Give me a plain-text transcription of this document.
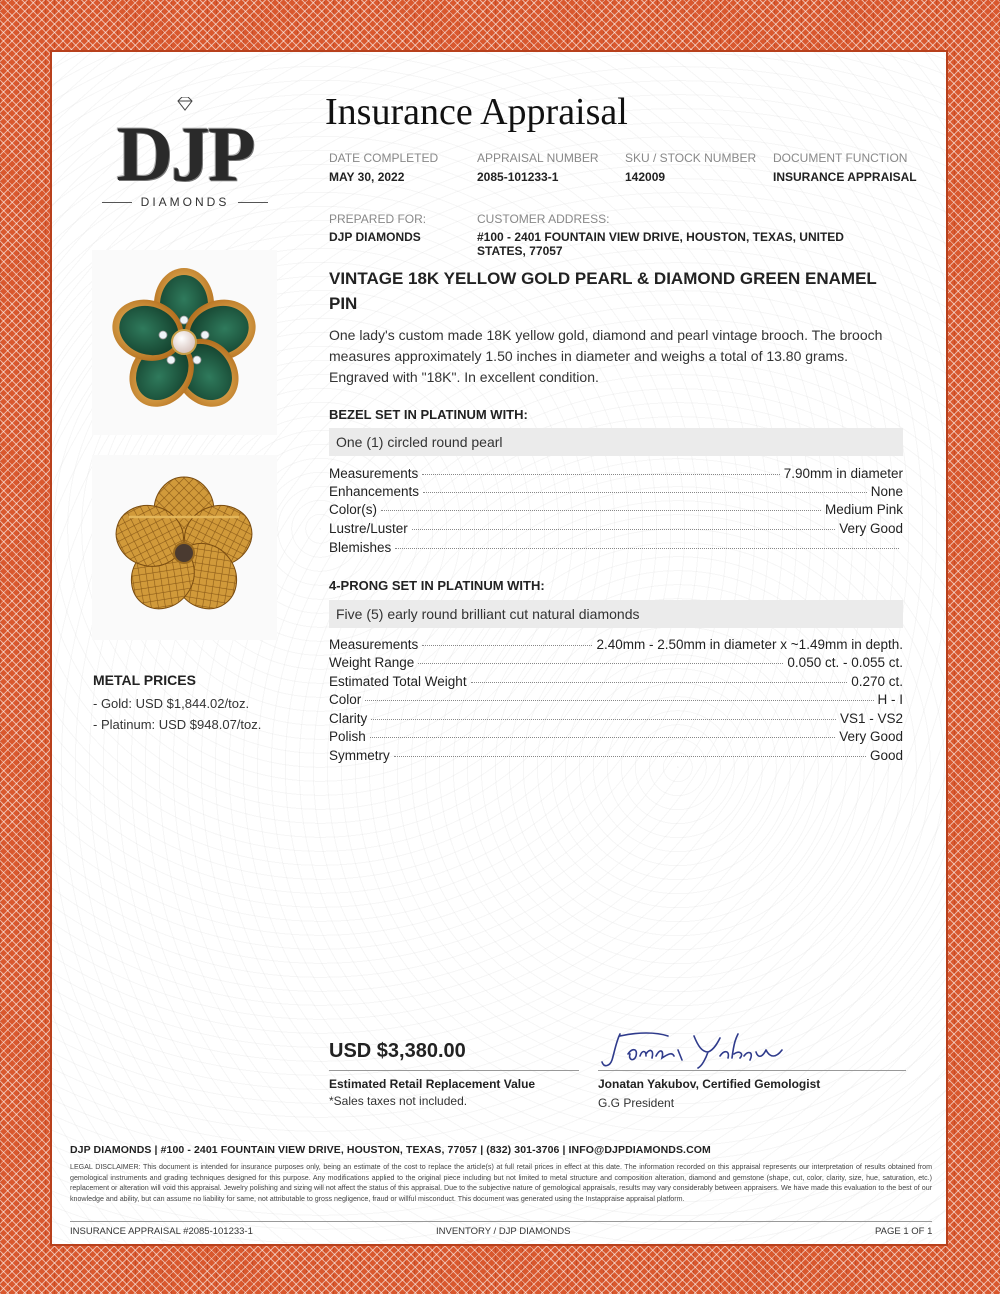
DJP
DIAMONDS
Insurance Appraisal
DATE COMPLETED
MAY 30, 2022
APPRAISAL NUMBER
2085-101233-1
SKU / STOCK NUMBER
142009
DOCUMENT FUNCTION
INSURANCE APPRAISAL
PREPARED FOR:
DJP DIAMONDS
CUSTOMER ADDRESS:
#100 - 2401 FOUNTAIN VIEW DRIVE, HOUSTON, TEXAS, UNITED
STATES, 77057
VINTAGE 18K YELLOW GOLD PEARL & DIAMOND GREEN ENAMEL
PIN
One lady's custom made 18K yellow gold, diamond and pearl vintage brooch. The brooch measures approximately 1.50 inches in diameter and weighs a total of 13.80 grams. Engraved with "18K". In excellent condition.
BEZEL SET IN PLATINUM WITH:
One (1) circled round pearl
Measurements	7.90mm in diameter
Enhancements	None
Color(s)	Medium Pink
Lustre/Luster	Very Good
Blemishes
4-PRONG SET IN PLATINUM WITH:
Five (5) early round brilliant cut natural diamonds
Measurements	2.40mm - 2.50mm in diameter x ~1.49mm in depth.
Weight Range	0.050 ct. - 0.055 ct.
Estimated Total Weight	0.270 ct.
Color	H - I
Clarity	VS1 - VS2
Polish	Very Good
Symmetry	Good
METAL PRICES
- Gold: USD $1,844.02/toz.
- Platinum: USD $948.07/toz.
USD $3,380.00
Estimated Retail Replacement Value
*Sales taxes not included.
Jonatan Yakubov, Certified Gemologist
G.G President
DJP DIAMONDS | #100 - 2401 FOUNTAIN VIEW DRIVE, HOUSTON, TEXAS, 77057 | (832) 301-3706 | INFO@DJPDIAMONDS.COM
LEGAL DISCLAIMER: This document is intended for insurance purposes only, being an estimate of the cost to replace the article(s) at full retail prices in effect at this date. The information recorded on this appraisal represents our interpretation of results obtained from gemological instruments and grading techniques designed for this purpose. Any modifications applied to the original piece including but not limited to metal structure and composition alteration, diamond and gemstone (shape, cut, color, clarity, size, hue, saturation, etc.) replacement or alteration will void this appraisal. Jewelry polishing and sizing will not affect the status of this appraisal. Due to the subjective nature of gemological appraisals, results may vary considerably between appraisers. We have made this evaluation to the best of our knowledge and ability, but can assume no liability for same, not attributable to gross negligence, fraud or willful misconduct. This document was generated using the Instappraise appraisal platform.
INSURANCE APPRAISAL #2085-101233-1	INVENTORY / DJP DIAMONDS	PAGE 1 OF 1
